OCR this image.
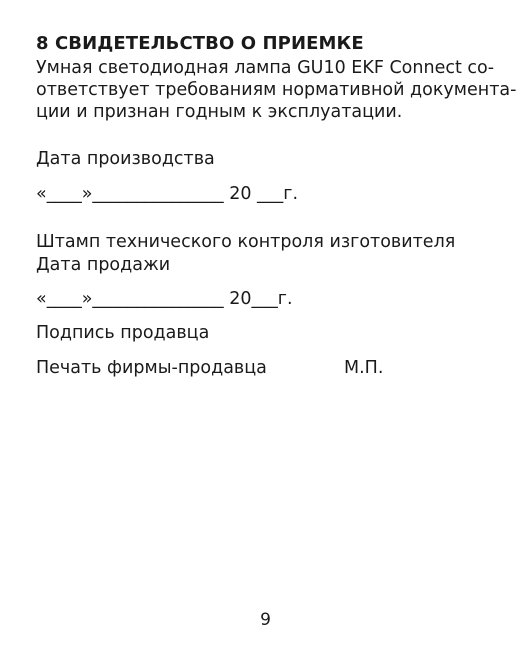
8 СВИДЕТЕЛЬСТВО О ПРИЕМКЕ
Умная светодиодная лампа GU10 EKF Connect со-
ответствует требованиям нормативной документа-
ции и признан годным к эксплуатации.
Дата производства
«____»_______________ 20 ___г.
Штамп технического контроля изготовителя
Дата продажи
«____»_______________ 20___г.
Подпись продавца
Печать фирмы-продавца	М.П.
9
